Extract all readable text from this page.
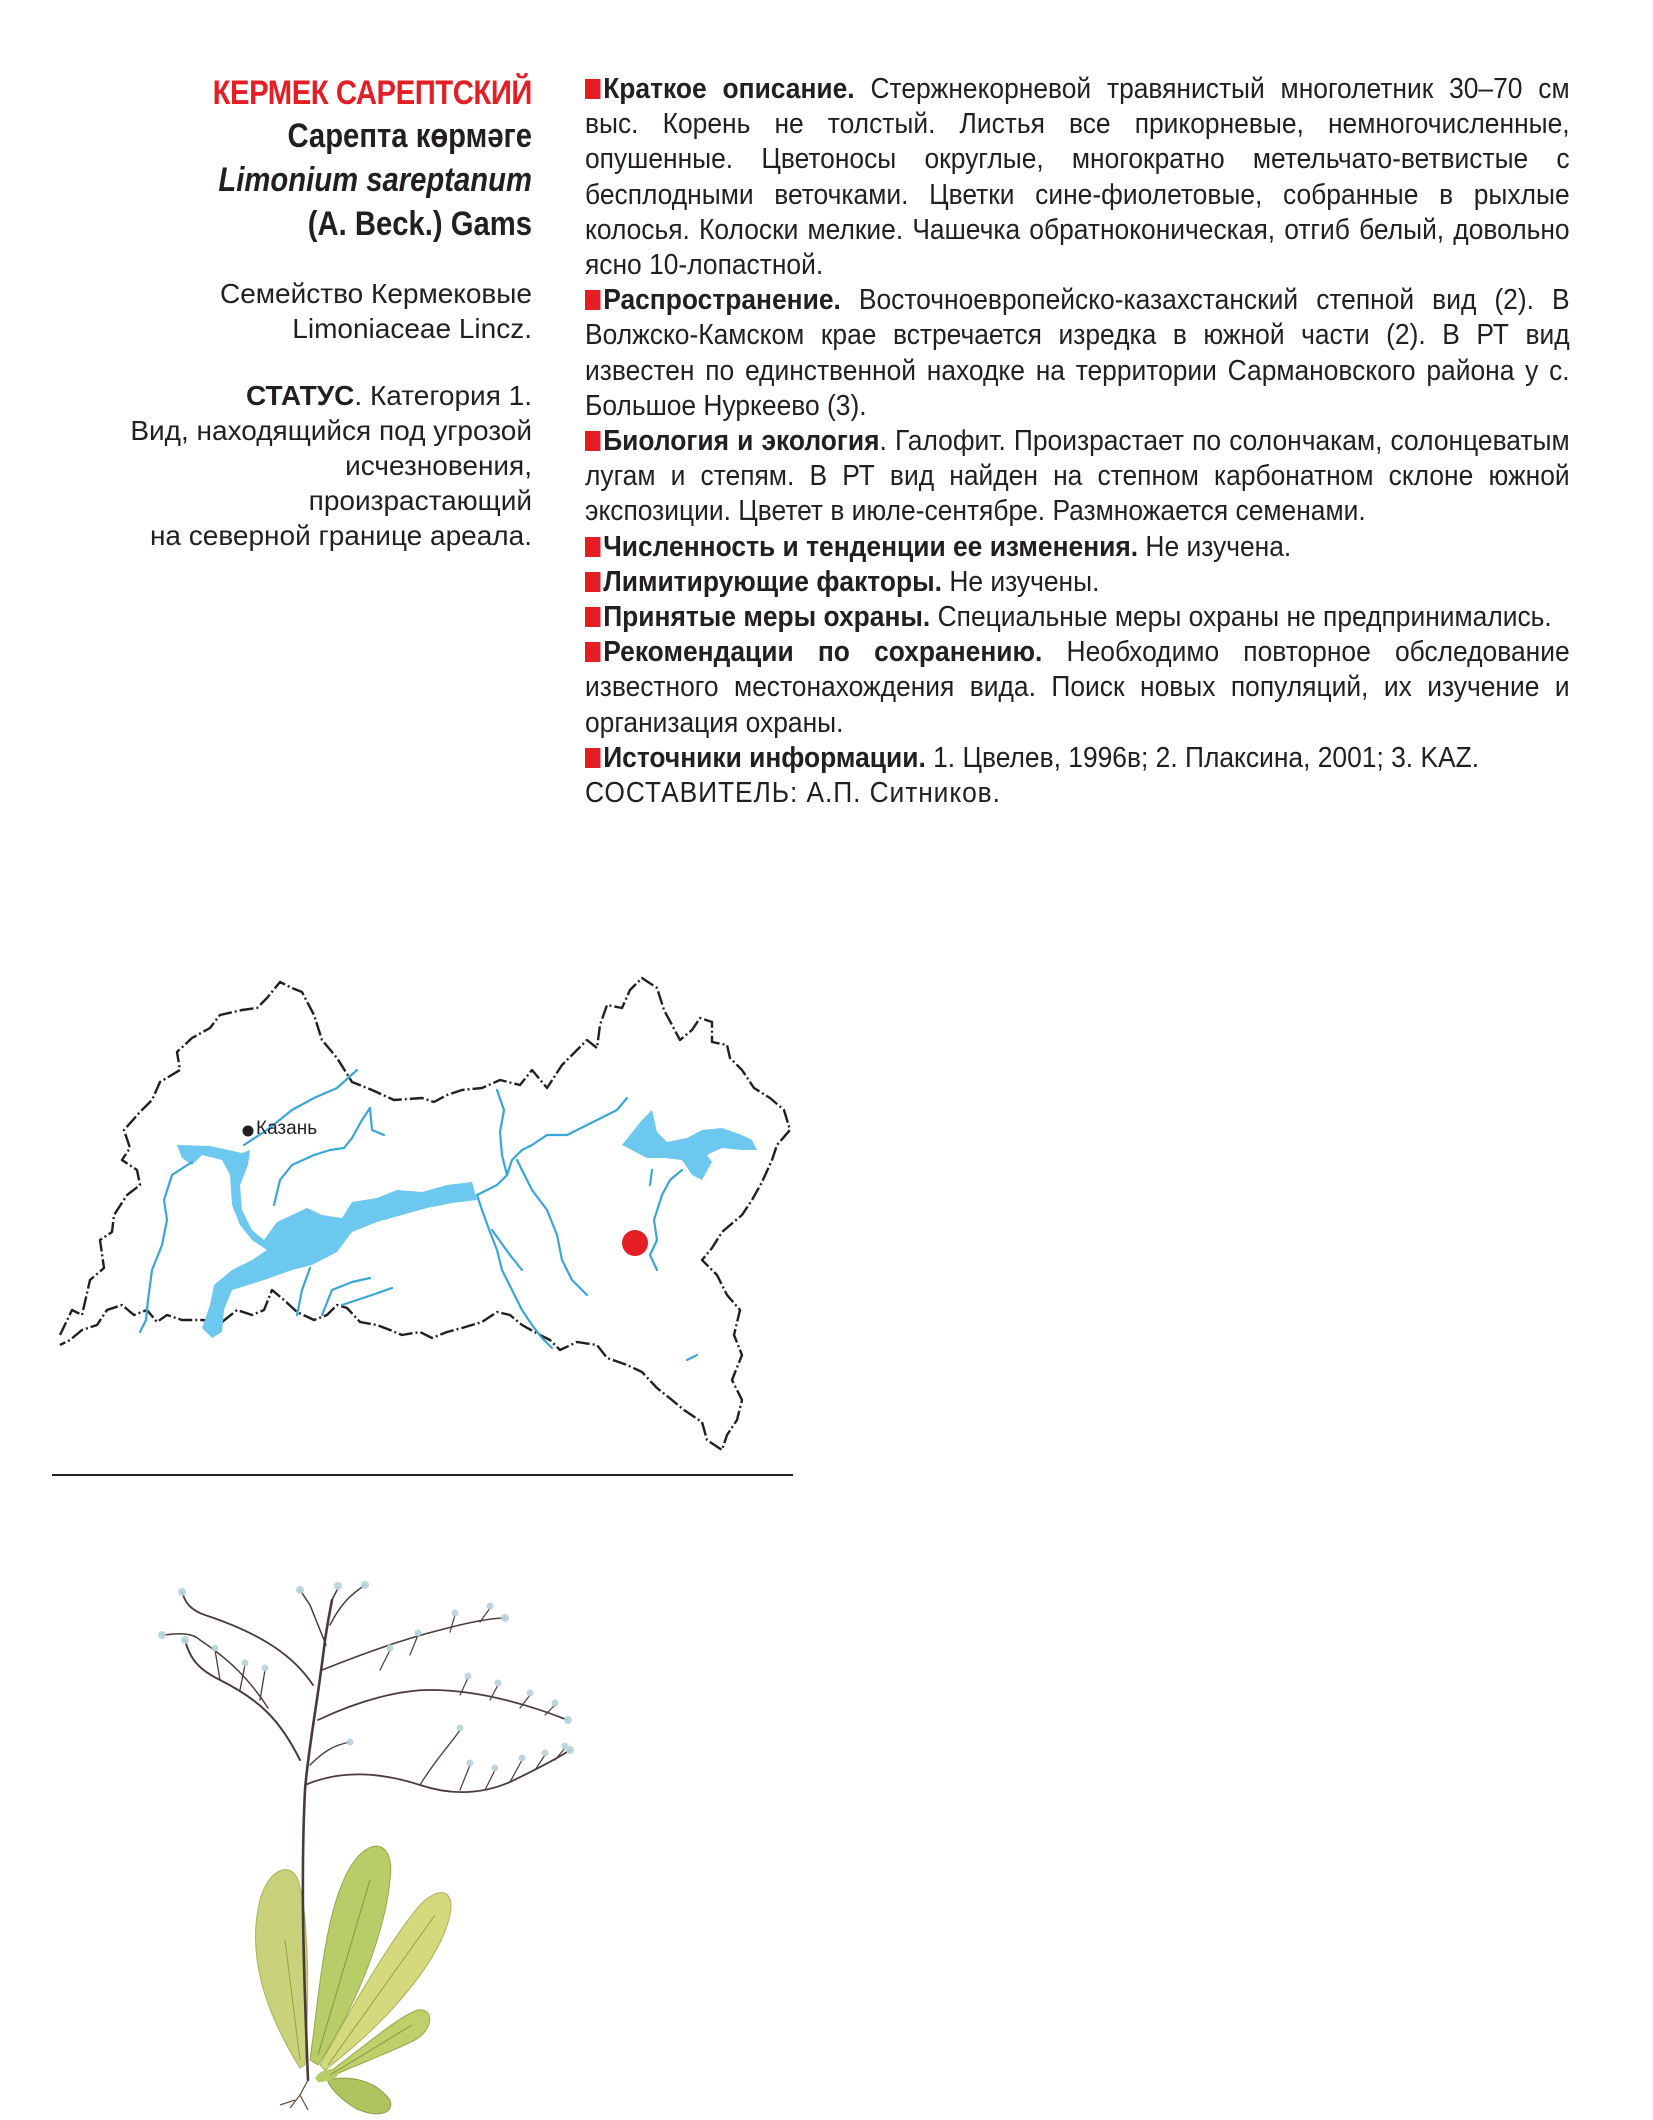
КЕРМЕК САРЕПТСКИЙ
Сарепта көрмәге
Limonium sareptanum
(A. Beck.) Gams
Семейство Кермековые
Limoniaceae Lincz.
СТАТУС. Категория 1.
Вид, находящийся под угрозой
исчезновения,
произрастающий
на северной границе ареала.

Краткое описание. Стержнекорневой травянистый многолетник 30–70 см выс. Корень не толстый. Листья все прикорневые, немногочисленные, опушенные. Цветоносы округлые, многократно метельчато-ветвистые с бесплодными веточками. Цветки сине-фиолетовые, собранные в рыхлые колосья. Колоски мелкие. Чашечка обратноконическая, отгиб белый, довольно ясно 10-лопастной.

Распространение. Восточноевропейско-казахстанский степной вид (2). В Волжско-Камском крае встречается изредка в южной части (2). В РТ вид известен по единственной находке на территории Сармановского района у с. Большое Нуркеево (3).

Биология и экология. Галофит. Произрастает по солончакам, солонцеватым лугам и степям. В РТ вид найден на степном карбонатном склоне южной экспозиции. Цветет в июле-сентябре. Размножается семенами.

Численность и тенденции ее изменения. Не изучена.

Лимитирующие факторы. Не изучены.

Принятые меры охраны. Специальные меры охраны не предпринимались.

Рекомендации по сохранению. Необходимо повторное обследование известного местонахождения вида. Поиск новых популяций, их изучение и организация охраны.

Источники информации. 1. Цвелев, 1996в; 2. Плаксина, 2001; 3. KAZ.

СОСТАВИТЕЛЬ: А.П. Ситников.

Казань
